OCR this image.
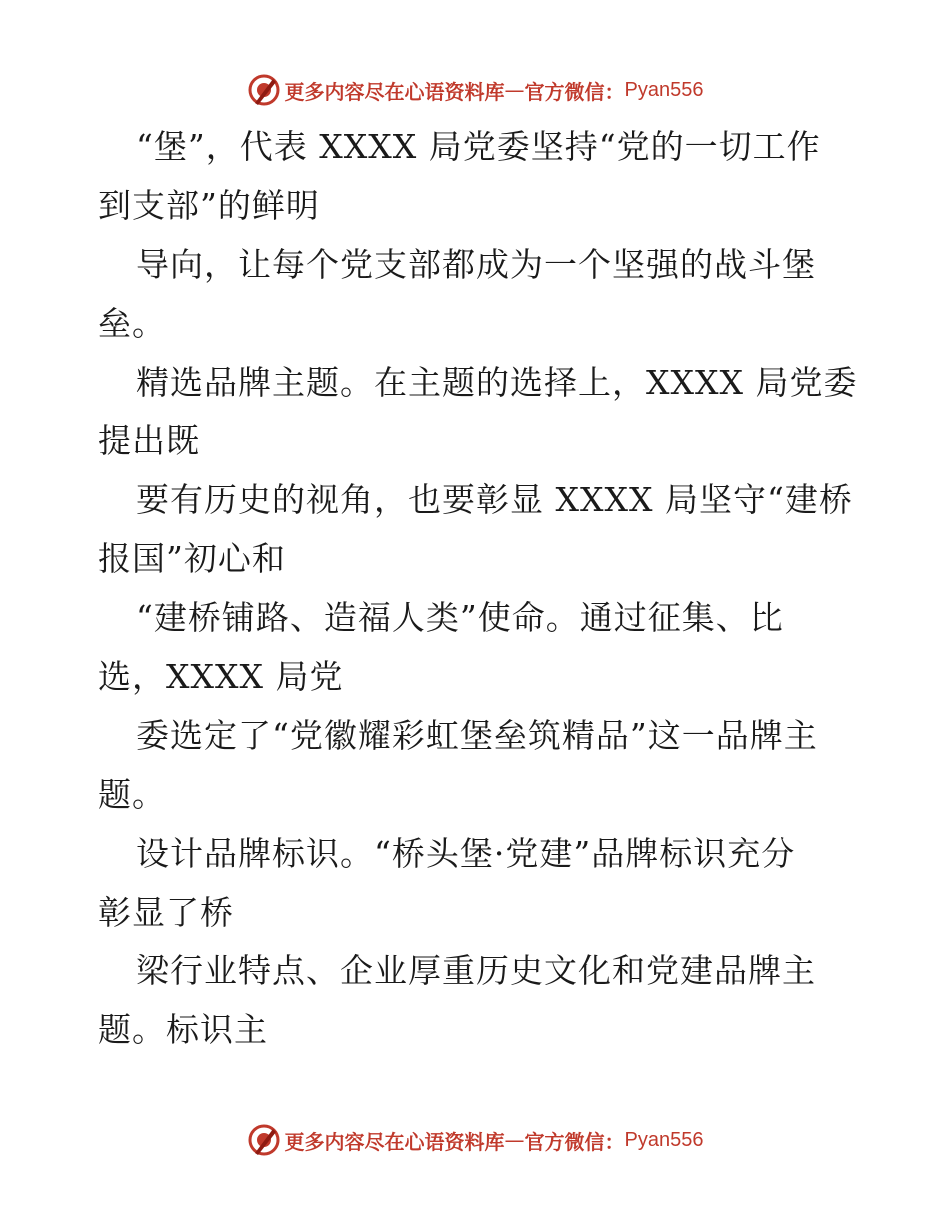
更多内容尽在心语资料库 — 官方微信： Pyan556
“堡”，代表 XXXX 局党委坚持“党的一切工作
到支部”的鲜明
导向，让每个党支部都成为一个坚强的战斗堡
垒。
精选品牌主题。在主题的选择上，XXXX 局党委
提出既
要有历史的视角，也要彰显 XXXX 局坚守“建桥
报国”初心和
“建桥铺路、造福人类”使命。通过征集、比
选，XXXX 局党
委选定了“党徽耀彩虹堡垒筑精品”这一品牌主
题。
设计品牌标识。“桥头堡·党建”品牌标识充分
彰显了桥
梁行业特点、企业厚重历史文化和党建品牌主
题。标识主
更多内容尽在心语资料库 — 官方微信： Pyan556
